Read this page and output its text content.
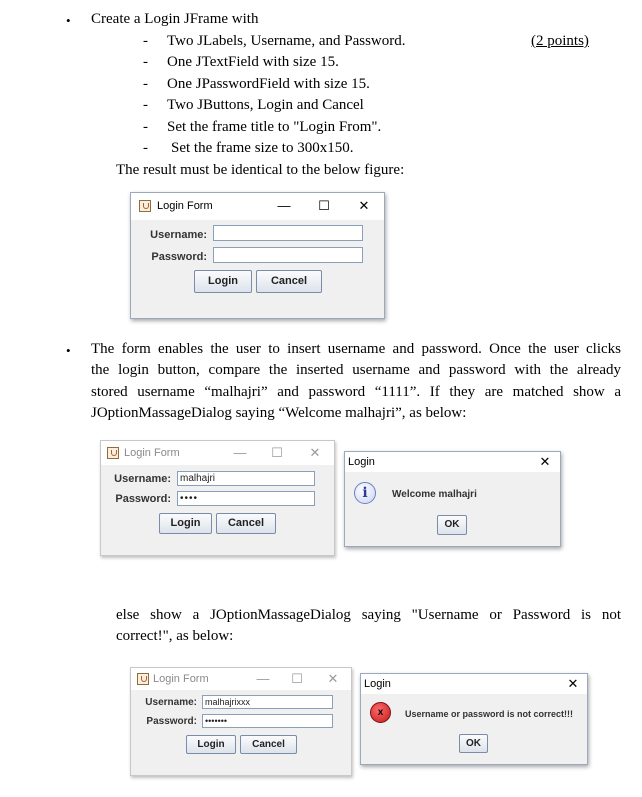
• Create a Login JFrame with
(2 points)
- Two JLabels, Username, and Password.
- One JTextField with size 15.
- One JPasswordField with size 15.
- Two JButtons, Login and Cancel
- Set the frame title to "Login From".
- Set the frame size to 300x150.
The result must be identical to the below figure:
Login Form	—	☐	✕
Username:
Password:
Login	Cancel
• The form enables the user to insert username and password. Once the user clicks
the login button, compare the inserted username and password with the already
stored username “malhajri” and password “1111”. If they are matched show a
JOptionMassageDialog saying “Welcome malhajri”, as below:
Login Form	— ☐ ✕
Username: malhajri
Password: ••••
Login	Cancel
Login	✕
i	Welcome malhajri
OK
else show a JOptionMassageDialog saying "Username or Password is not
correct!", as below:
Login Form	— ☐ ✕
Username: malhajrixxx
Password: •••••••
Login	Cancel
Login	✕
x	Username or password is not correct!!!
OK
